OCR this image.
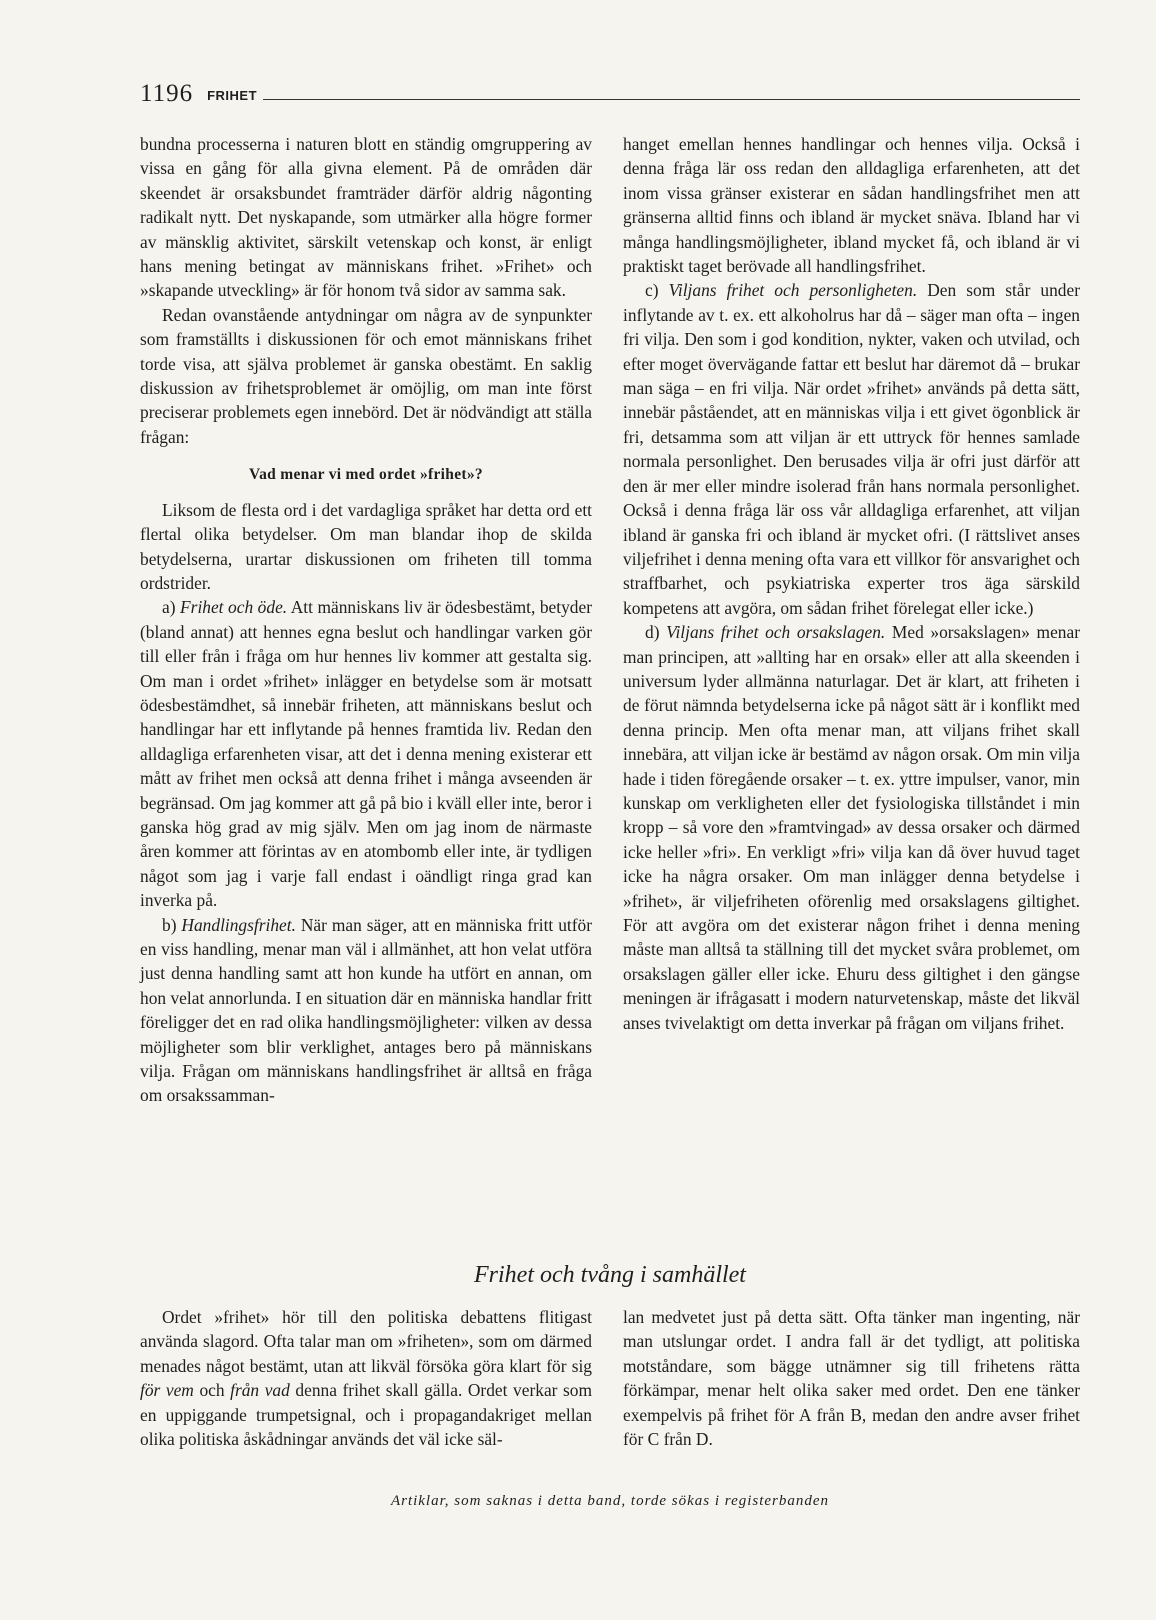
1196 FRIHET

bundna processerna i naturen blott en ständig omgruppering av vissa en gång för alla givna element. På de områden där skeendet är orsaksbundet framträder därför aldrig någonting radikalt nytt. Det nyskapande, som utmärker alla högre former av mänsklig aktivitet, särskilt vetenskap och konst, är enligt hans mening betingat av människans frihet. »Frihet» och »skapande utveckling» är för honom två sidor av samma sak.

Redan ovanstående antydningar om några av de synpunkter som framställts i diskussionen för och emot människans frihet torde visa, att själva problemet är ganska obestämt. En saklig diskussion av frihetsproblemet är omöjlig, om man inte först preciserar problemets egen innebörd. Det är nödvändigt att ställa frågan:

Vad menar vi med ordet »frihet»?

Liksom de flesta ord i det vardagliga språket har detta ord ett flertal olika betydelser. Om man blandar ihop de skilda betydelserna, urartar diskussionen om friheten till tomma ordstrider.

a) Frihet och öde. Att människans liv är ödesbestämt, betyder (bland annat) att hennes egna beslut och handlingar varken gör till eller från i fråga om hur hennes liv kommer att gestalta sig. Om man i ordet »frihet» inlägger en betydelse som är motsatt ödesbestämdhet, så innebär friheten, att människans beslut och handlingar har ett inflytande på hennes framtida liv. Redan den alldagliga erfarenheten visar, att det i denna mening existerar ett mått av frihet men också att denna frihet i många avseenden är begränsad. Om jag kommer att gå på bio i kväll eller inte, beror i ganska hög grad av mig själv. Men om jag inom de närmaste åren kommer att förintas av en atombomb eller inte, är tydligen något som jag i varje fall endast i oändligt ringa grad kan inverka på.

b) Handlingsfrihet. När man säger, att en människa fritt utför en viss handling, menar man väl i allmänhet, att hon velat utföra just denna handling samt att hon kunde ha utfört en annan, om hon velat annorlunda. I en situation där en människa handlar fritt föreligger det en rad olika handlingsmöjligheter: vilken av dessa möjligheter som blir verklighet, antages bero på människans vilja. Frågan om människans handlingsfrihet är alltså en fråga om orsakssamman-

hanget emellan hennes handlingar och hennes vilja. Också i denna fråga lär oss redan den alldagliga erfarenheten, att det inom vissa gränser existerar en sådan handlingsfrihet men att gränserna alltid finns och ibland är mycket snäva. Ibland har vi många handlingsmöjligheter, ibland mycket få, och ibland är vi praktiskt taget berövade all handlingsfrihet.

c) Viljans frihet och personligheten. Den som står under inflytande av t. ex. ett alkoholrus har då – säger man ofta – ingen fri vilja. Den som i god kondition, nykter, vaken och utvilad, och efter moget övervägande fattar ett beslut har däremot då – brukar man säga – en fri vilja. När ordet »frihet» används på detta sätt, innebär påståendet, att en människas vilja i ett givet ögonblick är fri, detsamma som att viljan är ett uttryck för hennes samlade normala personlighet. Den berusades vilja är ofri just därför att den är mer eller mindre isolerad från hans normala personlighet. Också i denna fråga lär oss vår alldagliga erfarenhet, att viljan ibland är ganska fri och ibland är mycket ofri. (I rättslivet anses viljefrihet i denna mening ofta vara ett villkor för ansvarighet och straffbarhet, och psykiatriska experter tros äga särskild kompetens att avgöra, om sådan frihet förelegat eller icke.)

d) Viljans frihet och orsakslagen. Med »orsakslagen» menar man principen, att »allting har en orsak» eller att alla skeenden i universum lyder allmänna naturlagar. Det är klart, att friheten i de förut nämnda betydelserna icke på något sätt är i konflikt med denna princip. Men ofta menar man, att viljans frihet skall innebära, att viljan icke är bestämd av någon orsak. Om min vilja hade i tiden föregående orsaker – t. ex. yttre impulser, vanor, min kunskap om verkligheten eller det fysiologiska tillståndet i min kropp – så vore den »framtvingad» av dessa orsaker och därmed icke heller »fri». En verkligt »fri» vilja kan då över huvud taget icke ha några orsaker. Om man inlägger denna betydelse i »frihet», är viljefriheten oförenlig med orsakslagens giltighet. För att avgöra om det existerar någon frihet i denna mening måste man alltså ta ställning till det mycket svåra problemet, om orsakslagen gäller eller icke. Ehuru dess giltighet i den gängse meningen är ifrågasatt i modern naturvetenskap, måste det likväl anses tvivelaktigt om detta inverkar på frågan om viljans frihet.

Frihet och tvång i samhället

Ordet »frihet» hör till den politiska debattens flitigast använda slagord. Ofta talar man om »friheten», som om därmed menades något bestämt, utan att likväl försöka göra klart för sig för vem och från vad denna frihet skall gälla. Ordet verkar som en uppiggande trumpetsignal, och i propagandakriget mellan olika politiska åskådningar används det väl icke säl-

lan medvetet just på detta sätt. Ofta tänker man ingenting, när man utslungar ordet. I andra fall är det tydligt, att politiska motståndare, som bägge utnämner sig till frihetens rätta förkämpar, menar helt olika saker med ordet. Den ene tänker exempelvis på frihet för A från B, medan den andre avser frihet för C från D.

Artiklar, som saknas i detta band, torde sökas i registerbanden
